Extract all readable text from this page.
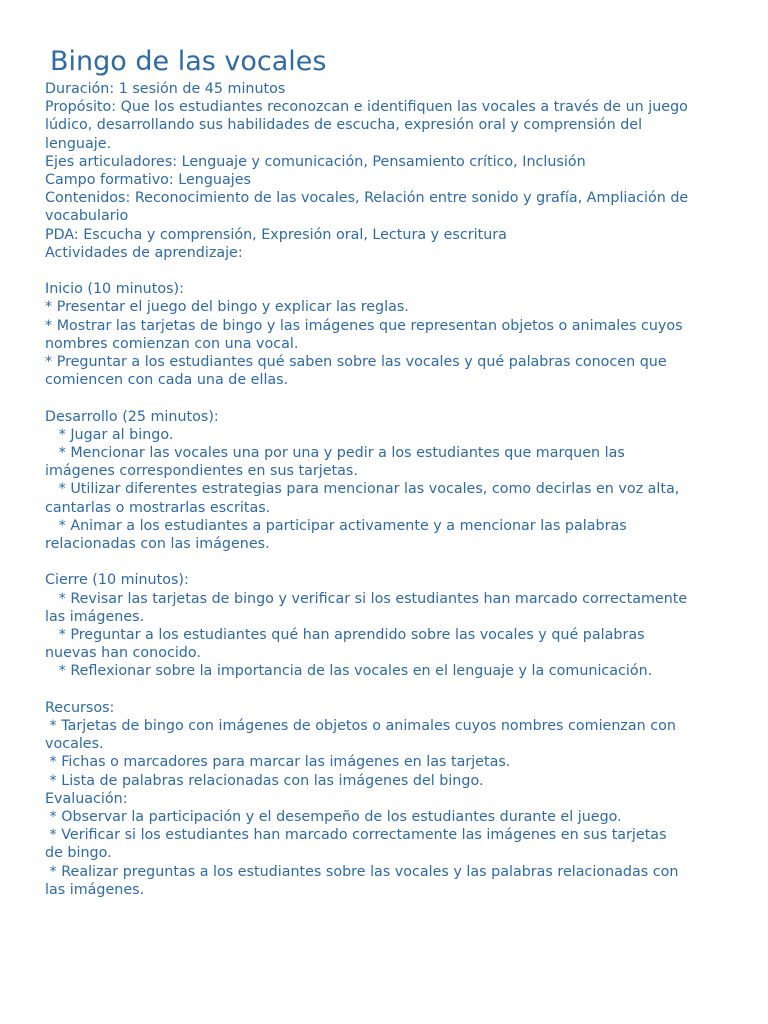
Bingo de las vocales
Duración: 1 sesión de 45 minutos
Propósito: Que los estudiantes reconozcan e identifiquen las vocales a través de un juego
lúdico, desarrollando sus habilidades de escucha, expresión oral y comprensión del
lenguaje.
Ejes articuladores: Lenguaje y comunicación, Pensamiento crítico, Inclusión
Campo formativo: Lenguajes
Contenidos: Reconocimiento de las vocales, Relación entre sonido y grafía, Ampliación de
vocabulario
PDA: Escucha y comprensión, Expresión oral, Lectura y escritura
Actividades de aprendizaje:
Inicio (10 minutos):
* Presentar el juego del bingo y explicar las reglas.
* Mostrar las tarjetas de bingo y las imágenes que representan objetos o animales cuyos
nombres comienzan con una vocal.
* Preguntar a los estudiantes qué saben sobre las vocales y qué palabras conocen que
comiencen con cada una de ellas.
Desarrollo (25 minutos):
* Jugar al bingo.
* Mencionar las vocales una por una y pedir a los estudiantes que marquen las
imágenes correspondientes en sus tarjetas.
* Utilizar diferentes estrategias para mencionar las vocales, como decirlas en voz alta,
cantarlas o mostrarlas escritas.
* Animar a los estudiantes a participar activamente y a mencionar las palabras
relacionadas con las imágenes.
Cierre (10 minutos):
* Revisar las tarjetas de bingo y verificar si los estudiantes han marcado correctamente
las imágenes.
* Preguntar a los estudiantes qué han aprendido sobre las vocales y qué palabras
nuevas han conocido.
* Reflexionar sobre la importancia de las vocales en el lenguaje y la comunicación.
Recursos:
* Tarjetas de bingo con imágenes de objetos o animales cuyos nombres comienzan con
vocales.
* Fichas o marcadores para marcar las imágenes en las tarjetas.
* Lista de palabras relacionadas con las imágenes del bingo.
Evaluación:
* Observar la participación y el desempeño de los estudiantes durante el juego.
* Verificar si los estudiantes han marcado correctamente las imágenes en sus tarjetas
de bingo.
* Realizar preguntas a los estudiantes sobre las vocales y las palabras relacionadas con
las imágenes.
